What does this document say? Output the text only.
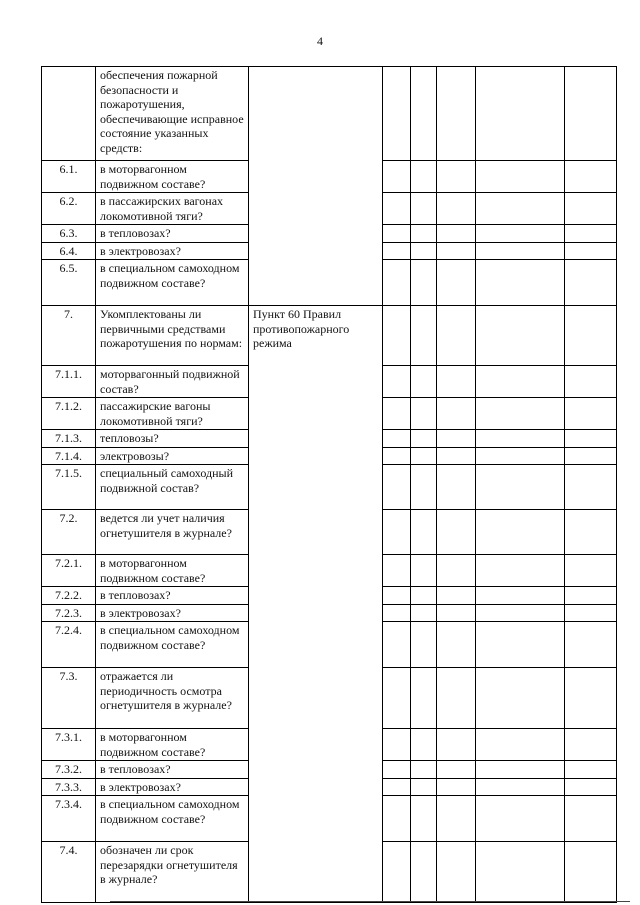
4
	обеспечения пожарной безопасности и пожаротушения, обеспечивающие исправное состояние указанных средств:						
6.1.	в моторвагонном подвижном составе?						
6.2.	в пассажирских вагонах локомотивной тяги?						
6.3.	в тепловозах?						
6.4.	в электровозах?						
6.5.	в специальном самоходном подвижном составе?						
7.	Укомплектованы ли первичными средствами пожаротушения по нормам:	Пункт 60 Правил противопожарного режима					
7.1.1.	моторвагонный подвижной состав?						
7.1.2.	пассажирские вагоны локомотивной тяги?						
7.1.3.	тепловозы?						
7.1.4.	электровозы?						
7.1.5.	специальный самоходный подвижной состав?						
7.2.	ведется ли учет наличия огнетушителя в журнале?						
7.2.1.	в моторвагонном подвижном составе?						
7.2.2.	в тепловозах?						
7.2.3.	в электровозах?						
7.2.4.	в специальном самоходном подвижном составе?						
7.3.	отражается ли периодичность осмотра огнетушителя в журнале?						
7.3.1.	в моторвагонном подвижном составе?						
7.3.2.	в тепловозах?						
7.3.3.	в электровозах?						
7.3.4.	в специальном самоходном подвижном составе?						
7.4.	обозначен ли срок перезарядки огнетушителя в журнале?						
